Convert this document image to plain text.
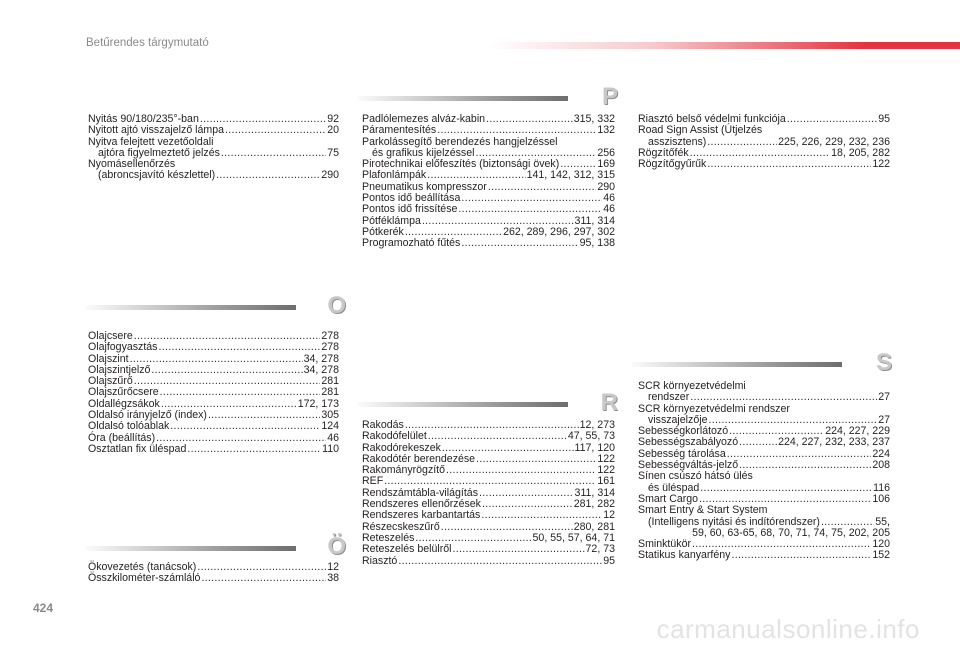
Betűrendes tárgymutató
Nyitás 90/180/235°-ban .....	92
Nyitott ajtó visszajelző lámpa .....	20
Nyitva felejtett vezetőoldali
ajtóra figyelmeztető jelzés .....	75
Nyomásellenőrzés
(abroncsjavító készlettel) .....	290
O
Olajcsere .....	278
Olajfogyasztás .....	278
Olajszint .....	34, 278
Olajszintjelző .....	34, 278
Olajszűrő .....	281
Olajszűrőcsere .....	281
Oldallégzsákok .....	172, 173
Oldalsó irányjelző (index) .....	305
Oldalsó tolóablak .....	124
Óra (beállítás) .....	46
Osztatlan fix üléspad .....	110
Ö
Ökovezetés (tanácsok) .....	12
Összkilométer-számláló .....	38
P
Padlólemezes alváz-kabin .....	315, 332
Páramentesítés .....	132
Parkolássegítő berendezés hangjelzéssel
és grafikus kijelzéssel .....	256
Pirotechnikai előfeszítés (biztonsági övek) .....	169
Plafonlámpák .....	141, 142, 312, 315
Pneumatikus kompresszor .....	290
Pontos idő beállítása .....	46
Pontos idő frissítése .....	46
Pótféklámpa .....	311, 314
Pótkerék .....	262, 289, 296, 297, 302
Programozható fűtés .....	95, 138
R
Rakodás .....	12, 273
Rakodófelület .....	47, 55, 73
Rakodórekeszek .....	117, 120
Rakodótér berendezése .....	122
Rakományrögzítő .....	122
REF .....	161
Rendszámtábla-világítás .....	311, 314
Rendszeres ellenőrzések .....	281, 282
Rendszeres karbantartás .....	12
Részecskeszűrő .....	280, 281
Reteszelés .....	50, 55, 57, 64, 71
Reteszelés belülről .....	72, 73
Riasztó .....	95
Riasztó belső védelmi funkciója .....	95
Road Sign Assist (Útjelzés
asszisztens) .....	225, 226, 229, 232, 236
Rögzítőfék .....	18, 205, 282
Rögzítőgyűrűk .....	122
S
SCR környezetvédelmi
rendszer .....	27
SCR környezetvédelmi rendszer
visszajelzője .....	27
Sebességkorlátozó .....	224, 227, 229
Sebességszabályozó .....	224, 227, 232, 233, 237
Sebesség tárolása .....	224
Sebességváltás-jelző .....	208
Sínen csúszó hátsó ülés
és üléspad .....	116
Smart Cargo .....	106
Smart Entry & Start System
(Intelligens nyitási és indítórendszer) .....	55,
59, 60, 63-65, 68, 70, 71, 74, 75, 202, 205
Sminktükör .....	120
Statikus kanyarfény .....	152
424
carmanualsonline.info
